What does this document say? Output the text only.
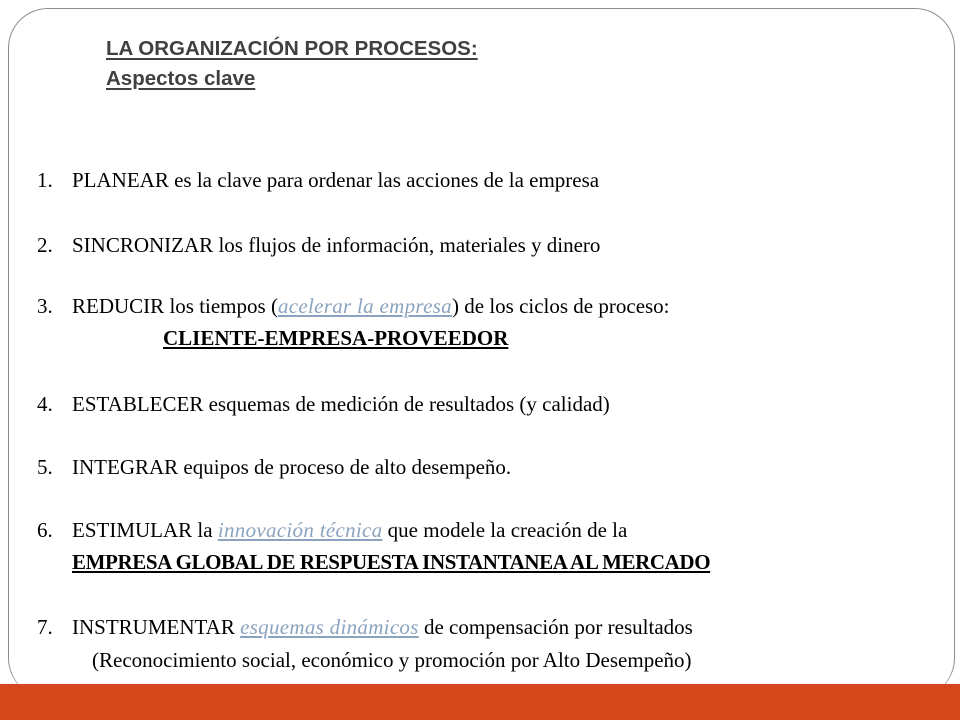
LA ORGANIZACIÓN POR PROCESOS:
Aspectos clave
1. PLANEAR es la clave para ordenar las acciones de la empresa
2. SINCRONIZAR los flujos de información, materiales y dinero
3. REDUCIR los tiempos (acelerar la empresa) de los ciclos de proceso:
CLIENTE-EMPRESA-PROVEEDOR
4. ESTABLECER esquemas de medición de resultados (y calidad)
5. INTEGRAR equipos de proceso de alto desempeño.
6. ESTIMULAR la innovación técnica que modele la creación de la
EMPRESA GLOBAL DE RESPUESTA INSTANTANEA AL MERCADO
7. INSTRUMENTAR esquemas dinámicos de compensación por resultados
(Reconocimiento social, económico y promoción por Alto Desempeño)
